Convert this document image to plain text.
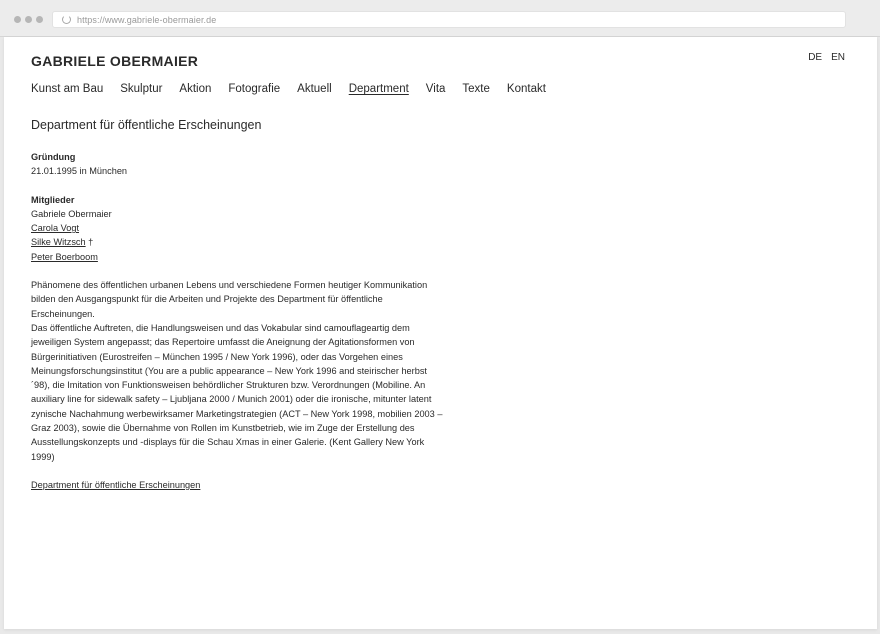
https://www.gabriele-obermaier.de
GABRIELE OBERMAIER	DE EN
Kunst am Bau Skulptur Aktion Fotografie Aktuell Department Vita Texte Kontakt
Department für öffentliche Erscheinungen
Gründung
21.01.1995 in München
Mitglieder
Gabriele Obermaier
Carola Vogt
Silke Witzsch †
Peter Boerboom
Phänomene des öffentlichen urbanen Lebens und verschiedene Formen heutiger Kommunikation
bilden den Ausgangspunkt für die Arbeiten und Projekte des Department für öffentliche
Erscheinungen.
Das öffentliche Auftreten, die Handlungsweisen und das Vokabular sind camouflageartig dem
jeweiligen System angepasst; das Repertoire umfasst die Aneignung der Agitationsformen von
Bürgerinitiativen (Eurostreifen – München 1995 / New York 1996), oder das Vorgehen eines
Meinungsforschungsinstitut (You are a public appearance – New York 1996 and steirischer herbst
´98), die Imitation von Funktionsweisen behördlicher Strukturen bzw. Verordnungen (Mobiline. An
auxiliary line for sidewalk safety – Ljubljana 2000 / Munich 2001) oder die ironische, mitunter latent
zynische Nachahmung werbewirksamer Marketingstrategien (ACT – New York 1998, mobilien 2003 –
Graz 2003), sowie die Übernahme von Rollen im Kunstbetrieb, wie im Zuge der Erstellung des
Ausstellungskonzepts und -displays für die Schau Xmas in einer Galerie. (Kent Gallery New York
1999)
Department für öffentliche Erscheinungen
